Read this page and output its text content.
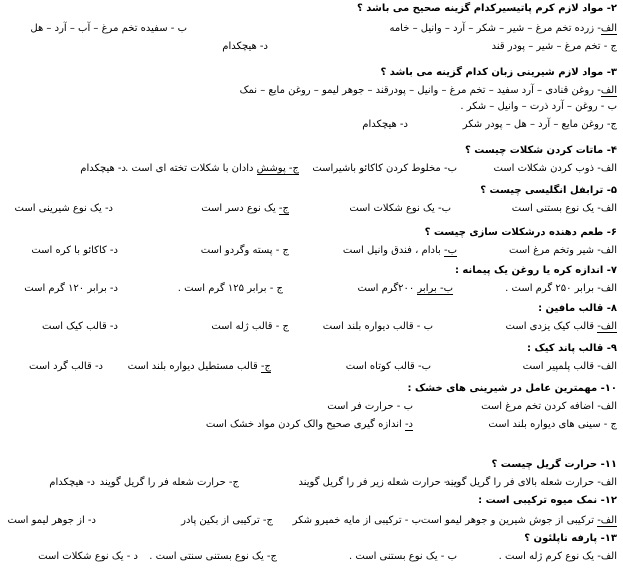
۲- مواد لازم کرم پاتیسیرکدام گزینه صحیح می باشد ؟
الف- زرده تخم مرغ – شیر – شکر – آرد – وانیل – خامه
ب - سفیده تخم مرغ – آب – آرد – هل
ج - تخم مرغ – شیر – پودر قند
د- هیچکدام
۳- مواد لازم شیرینی زبان کدام گزینه می باشد ؟
الف- روغن قنادی – آرد سفید – تخم مرغ – وانیل – پودرقند – جوهر لیمو – روغن مایع – نمک
ب - روغن – آرد ذرت – وانیل – شکر .
ج- روغن مایع – آرد – هل – پودر شکر
د- هیچکدام
۴- ماتات کردن شکلات چیست ؟
الف- ذوب کردن شکلات است
ب- مخلوط کردن کاکائو باشیراست
ج- پوشش دادان با شکلات تخته ای است .
د- هیچکدام
۵- ترابفل انگلیسی چیست ؟
الف- یک نوع بستنی است
ب- یک نوع شکلات است
ج- یک نوع دسر است
د- یک نوع شیرینی است
۶- طعم دهنده درشکلات سازی چیست ؟
الف- شیر وتخم مرغ است
ب- بادام ، فندق وانیل است
ج - پسته وگردو است
د- کاکائو با کره است
۷- اندازه کره یا روغن یک پیمانه :
الف- برابر ۲۵۰ گرم است .
ب- برابر ۲۰۰گرم است
ج - برابر ۱۲۵ گرم است .
د- برابر ۱۲۰ گرم است
۸- قالب مافین :
الف- قالب کیک یزدی است
ب - قالب دیواره بلند است
ج - قالب ژله است
د- قالب کیک است
۹- قالب پاند کیک :
الف- قالب پلمپیر است
ب- قالب کوتاه است
ج- قالب مستطیل دیواره بلند است
د- قالب گرد است
۱۰- مهمترین عامل در شیرینی های خشک :
الف- اضافه کردن تخم مرغ است
ب - حرارت فر است
ج - سینی های دیواره بلند است
د- اندازه گیری صحیح والک کردن مواد خشک است
۱۱- حرارت گریل چیست ؟
الف- حرارت شعله بالای فر را گریل گویند
ب- حرارت شعله زیر فر را گریل گویند
ج- حرارت شعله فر را گریل گویند
د- هیچکدام
۱۲- نمک میوه ترکیبی است :
الف- ترکیبی از جوش شیرین و جوهر لیمو است .
ب - ترکیبی از مایه خمیرو شکر
ج- ترکیبی از بکین پادر
د- از جوهر لیمو است
۱۳- پارفه ناپلئون ؟
الف- یک نوع کرم ژله است .
ب - یک نوع بستنی است .
ج- یک نوع بستنی سنتی است .
د - یک نوع شکلات است
